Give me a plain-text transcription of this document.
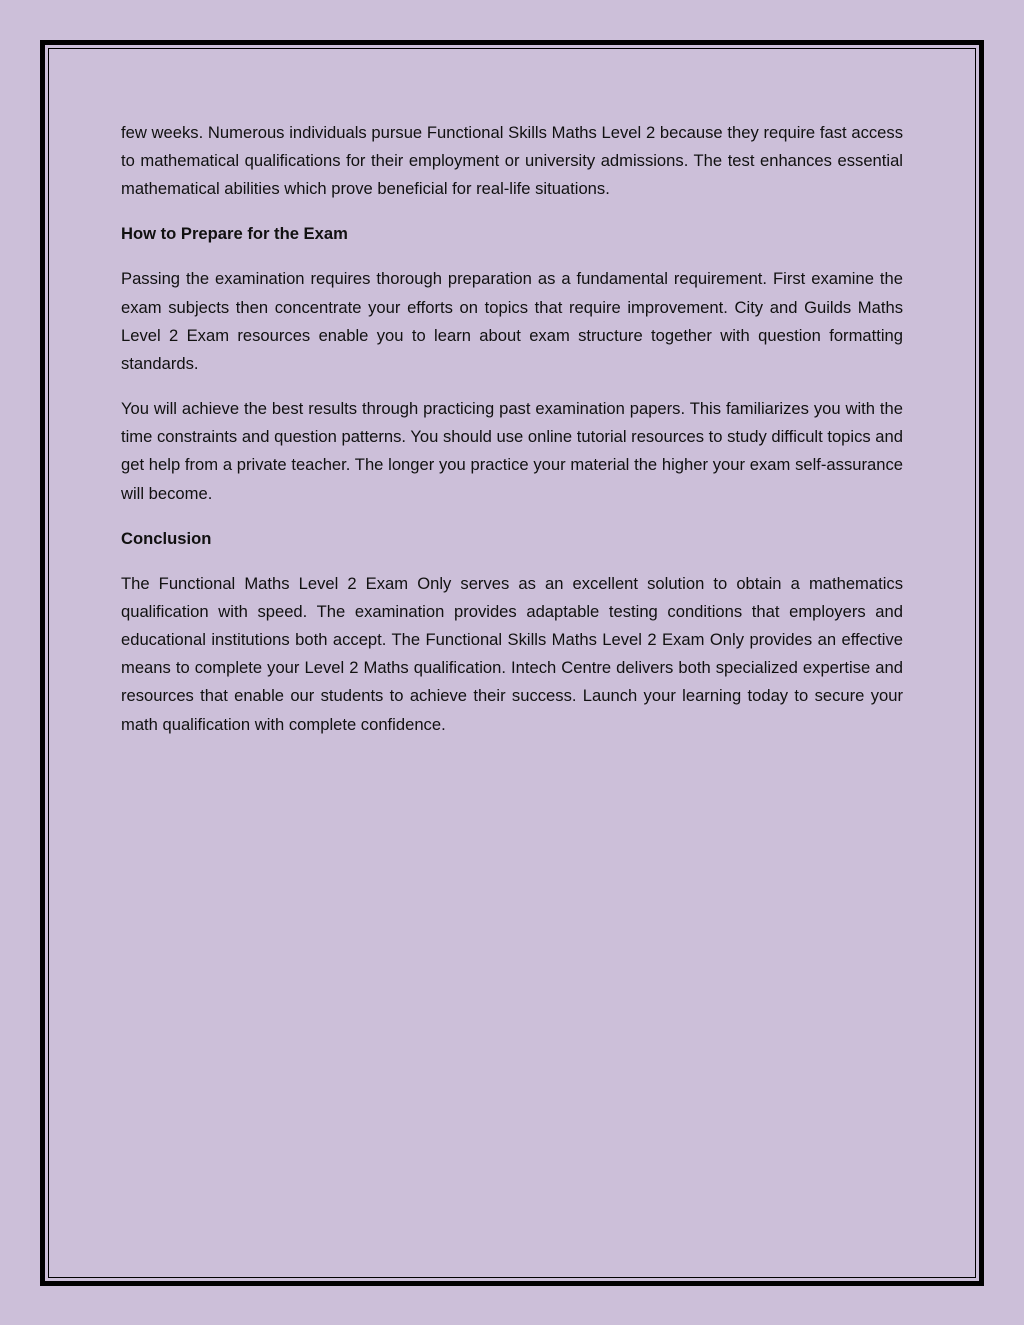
few weeks. Numerous individuals pursue Functional Skills Maths Level 2 because they require fast access to mathematical qualifications for their employment or university admissions. The test enhances essential mathematical abilities which prove beneficial for real-life situations.

How to Prepare for the Exam

Passing the examination requires thorough preparation as a fundamental requirement. First examine the exam subjects then concentrate your efforts on topics that require improvement. City and Guilds Maths Level 2 Exam resources enable you to learn about exam structure together with question formatting standards.

You will achieve the best results through practicing past examination papers. This familiarizes you with the time constraints and question patterns. You should use online tutorial resources to study difficult topics and get help from a private teacher. The longer you practice your material the higher your exam self-assurance will become.

Conclusion

The Functional Maths Level 2 Exam Only serves as an excellent solution to obtain a mathematics qualification with speed. The examination provides adaptable testing conditions that employers and educational institutions both accept. The Functional Skills Maths Level 2 Exam Only provides an effective means to complete your Level 2 Maths qualification. Intech Centre delivers both specialized expertise and resources that enable our students to achieve their success. Launch your learning today to secure your math qualification with complete confidence.
